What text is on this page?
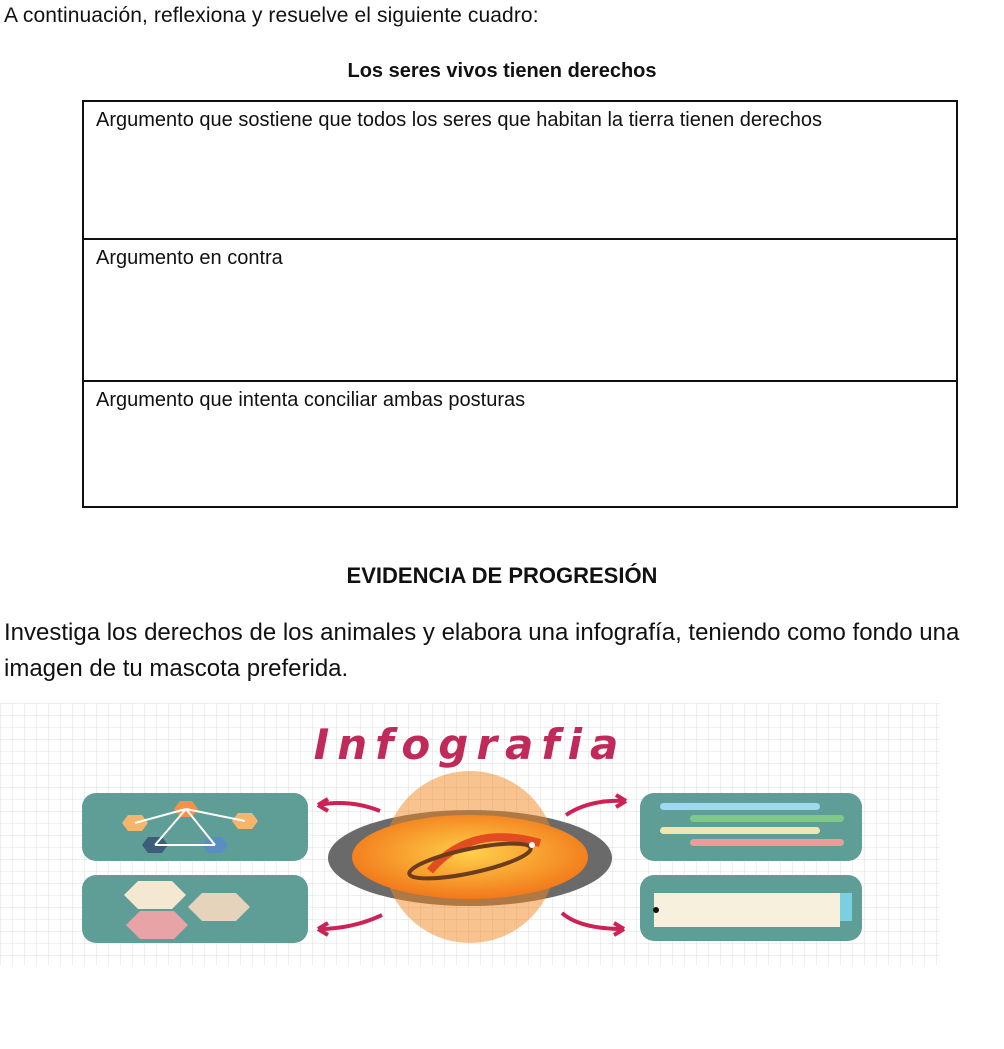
A continuación, reflexiona y resuelve el siguiente cuadro:
Los seres vivos tienen derechos
Argumento que sostiene que todos los seres que habitan la tierra tienen derechos
Argumento en contra
Argumento que intenta conciliar ambas posturas
EVIDENCIA DE PROGRESIÓN
Investiga los derechos de los animales y elabora una infografía, teniendo como fondo una imagen de tu mascota preferida.
Infografia
